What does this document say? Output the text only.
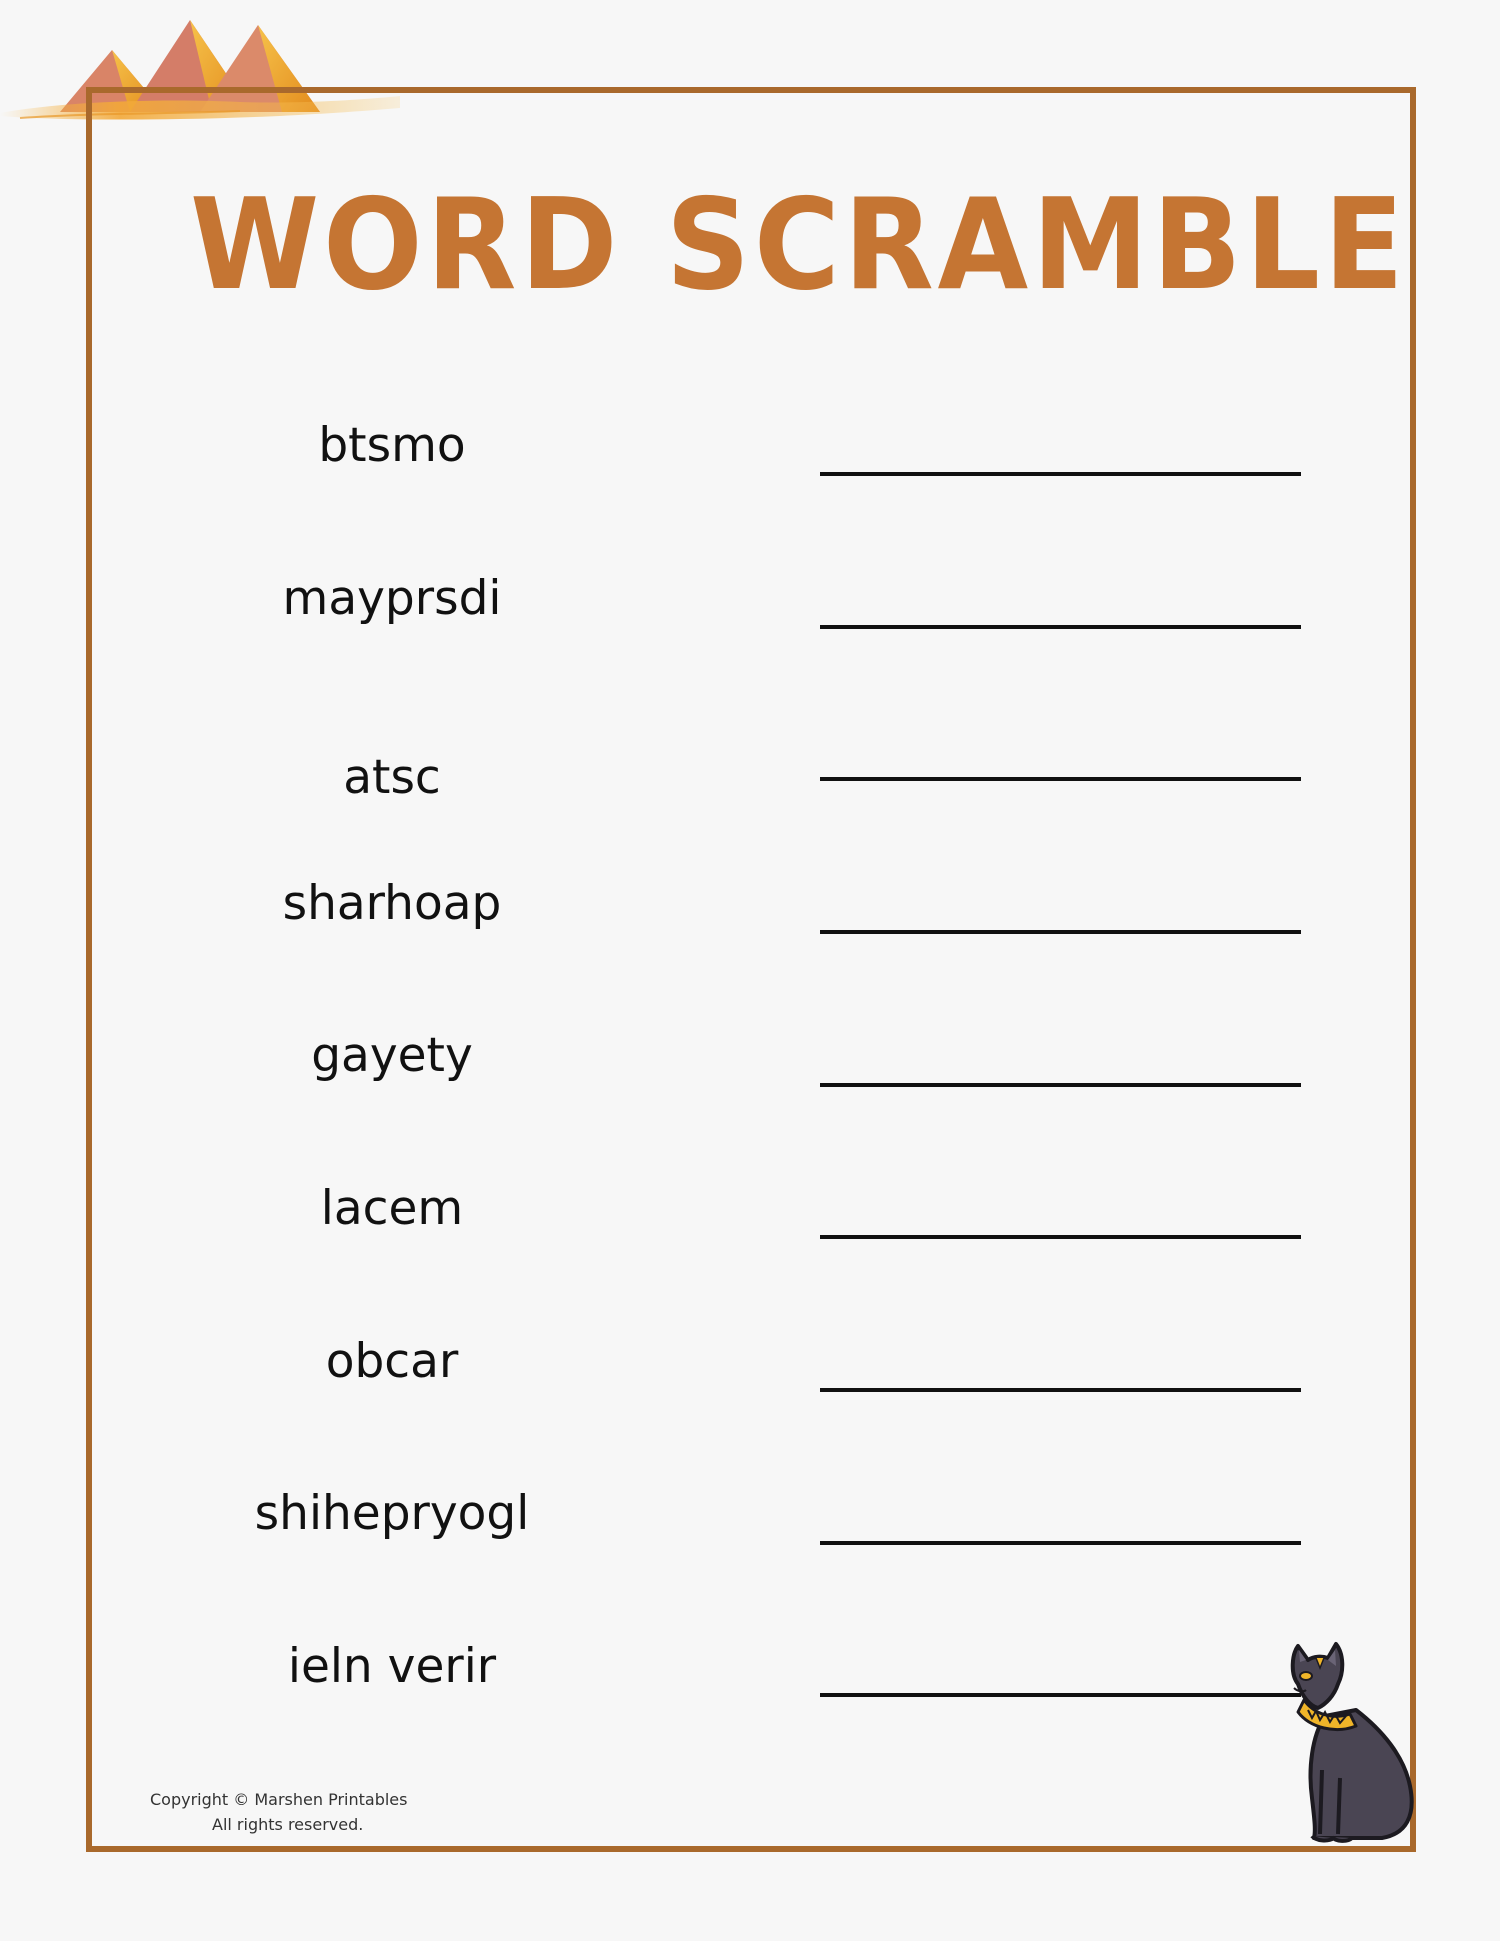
WORD SCRAMBLE
btsmo
mayprsdi
atsc
sharhoap
gayety
lacem
obcar
shihepryogl
ieln verir
Copyright © Marshen Printables
All rights reserved.
